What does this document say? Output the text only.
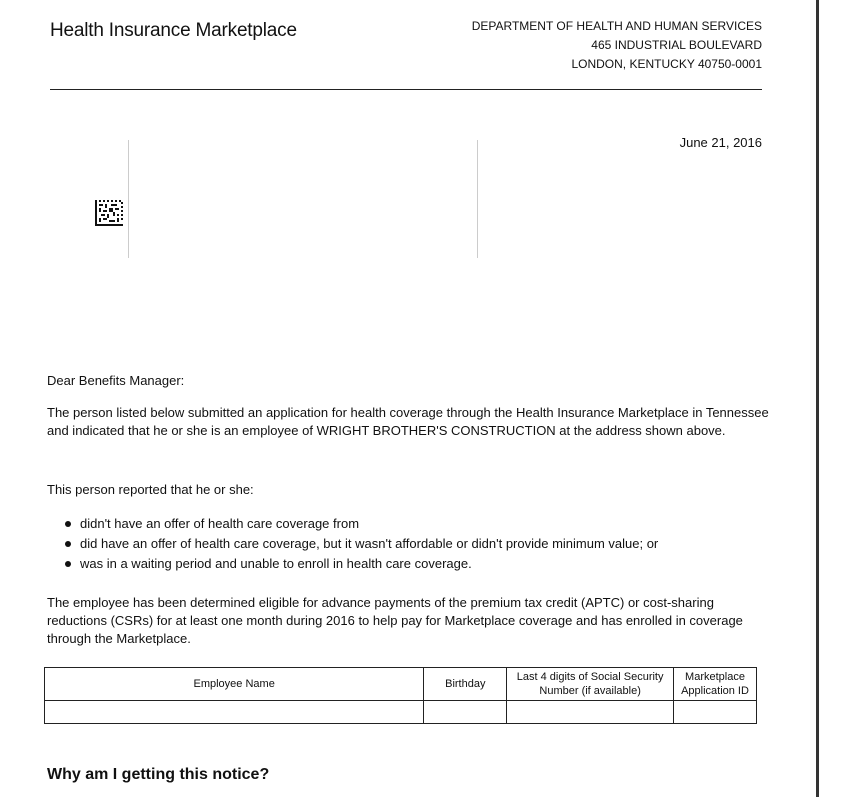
Health Insurance Marketplace	DEPARTMENT OF HEALTH AND HUMAN SERVICES
465 INDUSTRIAL BOULEVARD
LONDON, KENTUCKY 40750-0001
June 21, 2016
Dear Benefits Manager:
The person listed below submitted an application for health coverage through the Health Insurance Marketplace in Tennessee and indicated that he or she is an employee of WRIGHT BROTHER'S CONSTRUCTION at the address shown above.
This person reported that he or she:
didn't have an offer of health care coverage from
did have an offer of health care coverage, but it wasn't affordable or didn't provide minimum value; or
was in a waiting period and unable to enroll in health care coverage.
The employee has been determined eligible for advance payments of the premium tax credit (APTC) or cost-sharing reductions (CSRs) for at least one month during 2016 to help pay for Marketplace coverage and has enrolled in coverage through the Marketplace.
Employee Name	Birthday	Last 4 digits of Social Security Number (if available)	Marketplace Application ID

Why am I getting this notice?
